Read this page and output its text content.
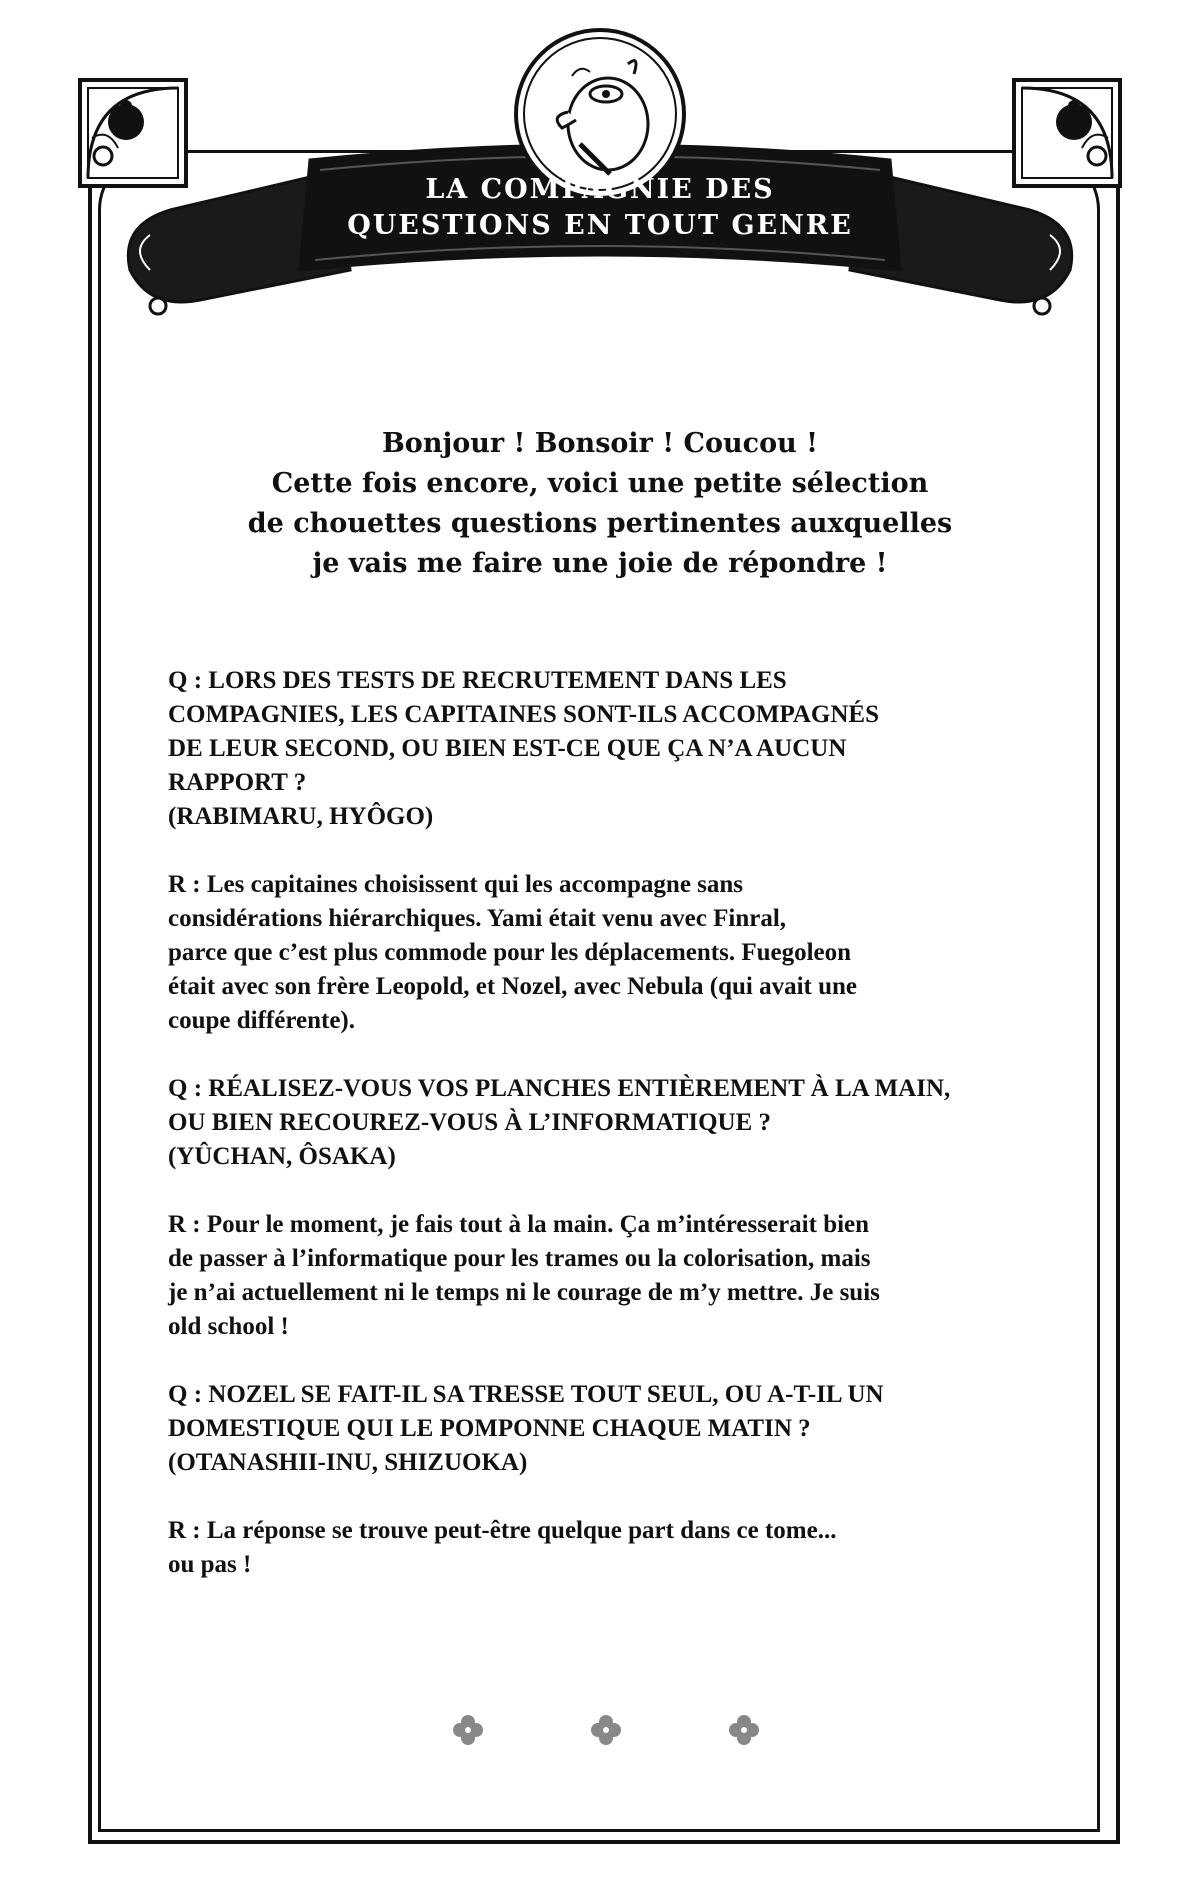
LA COMPAGNIE DES
QUESTIONS EN TOUT GENRE
Bonjour ! Bonsoir ! Coucou !
Cette fois encore, voici une petite sélection
de chouettes questions pertinentes auxquelles
je vais me faire une joie de répondre !
Q : LORS DES TESTS DE RECRUTEMENT DANS LES
COMPAGNIES, LES CAPITAINES SONT-ILS ACCOMPAGNÉS
DE LEUR SECOND, OU BIEN EST-CE QUE ÇA N’A AUCUN
RAPPORT ?
(RABIMARU, HYÔGO)
R : Les capitaines choisissent qui les accompagne sans
considérations hiérarchiques. Yami était venu avec Finral,
parce que c’est plus commode pour les déplacements. Fuegoleon
était avec son frère Leopold, et Nozel, avec Nebula (qui avait une
coupe différente).
Q : RÉALISEZ-VOUS VOS PLANCHES ENTIÈREMENT À LA MAIN,
OU BIEN RECOUREZ-VOUS À L’INFORMATIQUE ?
(YÛCHAN, ÔSAKA)
R : Pour le moment, je fais tout à la main. Ça m’intéresserait bien
de passer à l’informatique pour les trames ou la colorisation, mais
je n’ai actuellement ni le temps ni le courage de m’y mettre. Je suis
old school !
Q : NOZEL SE FAIT-IL SA TRESSE TOUT SEUL, OU A-T-IL UN
DOMESTIQUE QUI LE POMPONNE CHAQUE MATIN ?
(OTANASHII-INU, SHIZUOKA)
R : La réponse se trouve peut-être quelque part dans ce tome...
ou pas !
